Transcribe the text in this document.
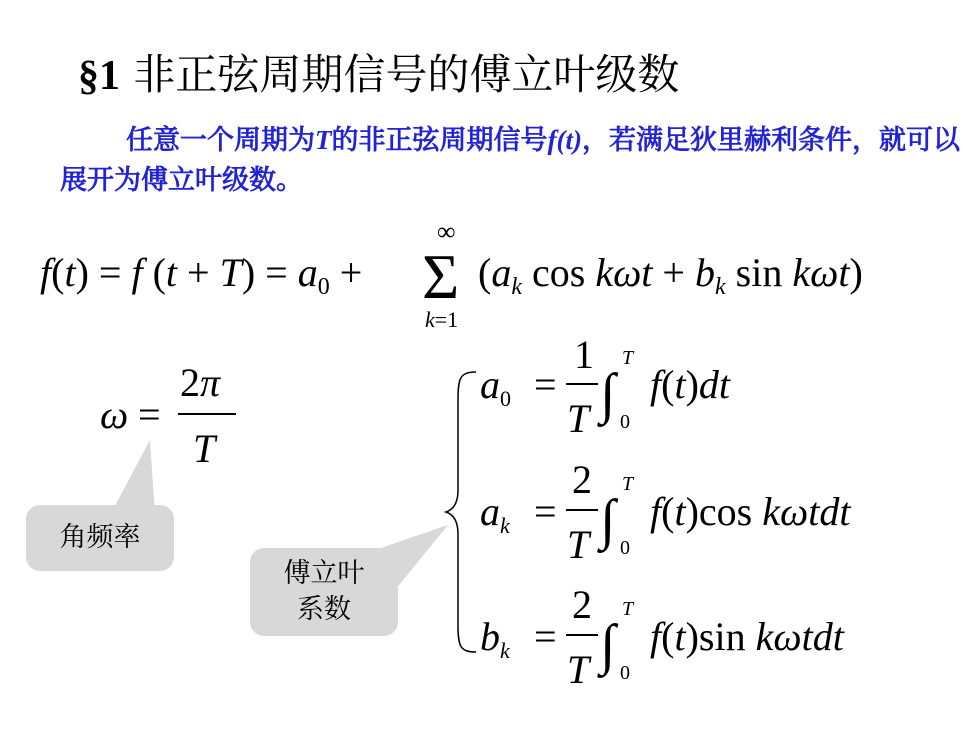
§1 非正弦周期信号的傅立叶级数
任意一个周期为T的非正弦周期信号f(t)，若满足狄里赫利条件，就可以展开为傅立叶级数。
f(t) = f $(t + T) = a_0 + \Sigma$
∞
k=1
($a_k$ $\cos k\omega t + b_k$ sin kωt)
ω =
2π
T
$a_0$ =
1
T ∫
T
0
f(t)dt
$a_k$ =
2
T ∫
T
0
f(t)cos kωtdt
$b_k$ =
2
T ∫
T
0
f(t)sin kωtdt
角频率
傅立叶
系数
